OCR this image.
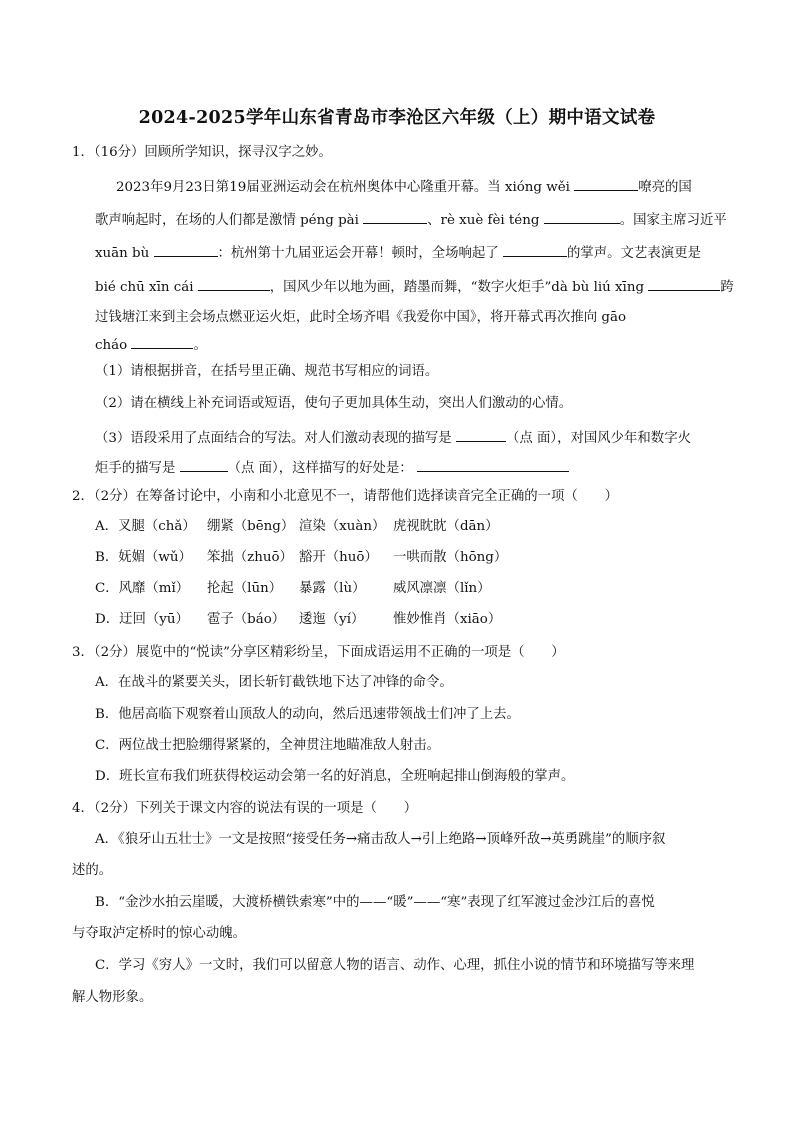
2024-2025学年山东省青岛市李沧区六年级（上）期中语文试卷
1．（16分）回顾所学知识，探寻汉字之妙。
2023年9月23日第19届亚洲运动会在杭州奥体中心隆重开幕。当 xióng wěi	嘹亮的国
歌声响起时，在场的人们都是激情 péng pài	、rè xuè fèi téng	。国家主席习近平
xuān bù	：杭州第十九届亚运会开幕！顿时，全场响起了	的掌声。文艺表演更是
bié chū xīn cái	，国风少年以地为画，踏墨而舞，“数字火炬手”dà bù liú xīng	跨
过钱塘江来到主会场点燃亚运火炬，此时全场齐唱《我爱你中国》，将开幕式再次推向 gāo
cháo	。
（1）请根据拼音，在括号里正确、规范书写相应的词语。
（2）请在横线上补充词语或短语，使句子更加具体生动，突出人们激动的心情。
（3）语段采用了点面结合的写法。对人们激动表现的描写是	（点 面），对国风少年和数字火
炬手的描写是	（点 面），这样描写的好处是：
2．（2分）在筹备讨论中，小南和小北意见不一，请帮他们选择读音完全正确的一项（　　）
A．叉腿（chǎ） 绷紧（bēng） 渲染（xuàn） 虎视眈眈（dān）
B．妩媚（wǔ） 笨拙（zhuō） 豁开（huō） 一哄而散（hōng）
C．风靡（mǐ） 抡起（lūn） 暴露（lù） 威风凛凛（lǐn）
D．迂回（yū） 雹子（báo） 逶迤（yí） 惟妙惟肖（xiāo）
3．（2分）展览中的“悦读”分享区精彩纷呈，下面成语运用不正确的一项是（　　）
A．在战斗的紧要关头，团长斩钉截铁地下达了冲锋的命令。
B．他居高临下观察着山顶敌人的动向，然后迅速带领战士们冲了上去。
C．两位战士把脸绷得紧紧的，全神贯注地瞄准敌人射击。
D．班长宣布我们班获得校运动会第一名的好消息，全班响起排山倒海般的掌声。
4．（2分）下列关于课文内容的说法有误的一项是（　　）
A．《狼牙山五壮士》一文是按照“接受任务→痛击敌人→引上绝路→顶峰歼敌→英勇跳崖”的顺序叙
述的。
B．“金沙水拍云崖暖，大渡桥横铁索寒”中的——“暖”——“寒”表现了红军渡过金沙江后的喜悦
与夺取泸定桥时的惊心动魄。
C．学习《穷人》一文时，我们可以留意人物的语言、动作、心理，抓住小说的情节和环境描写等来理
解人物形象。
